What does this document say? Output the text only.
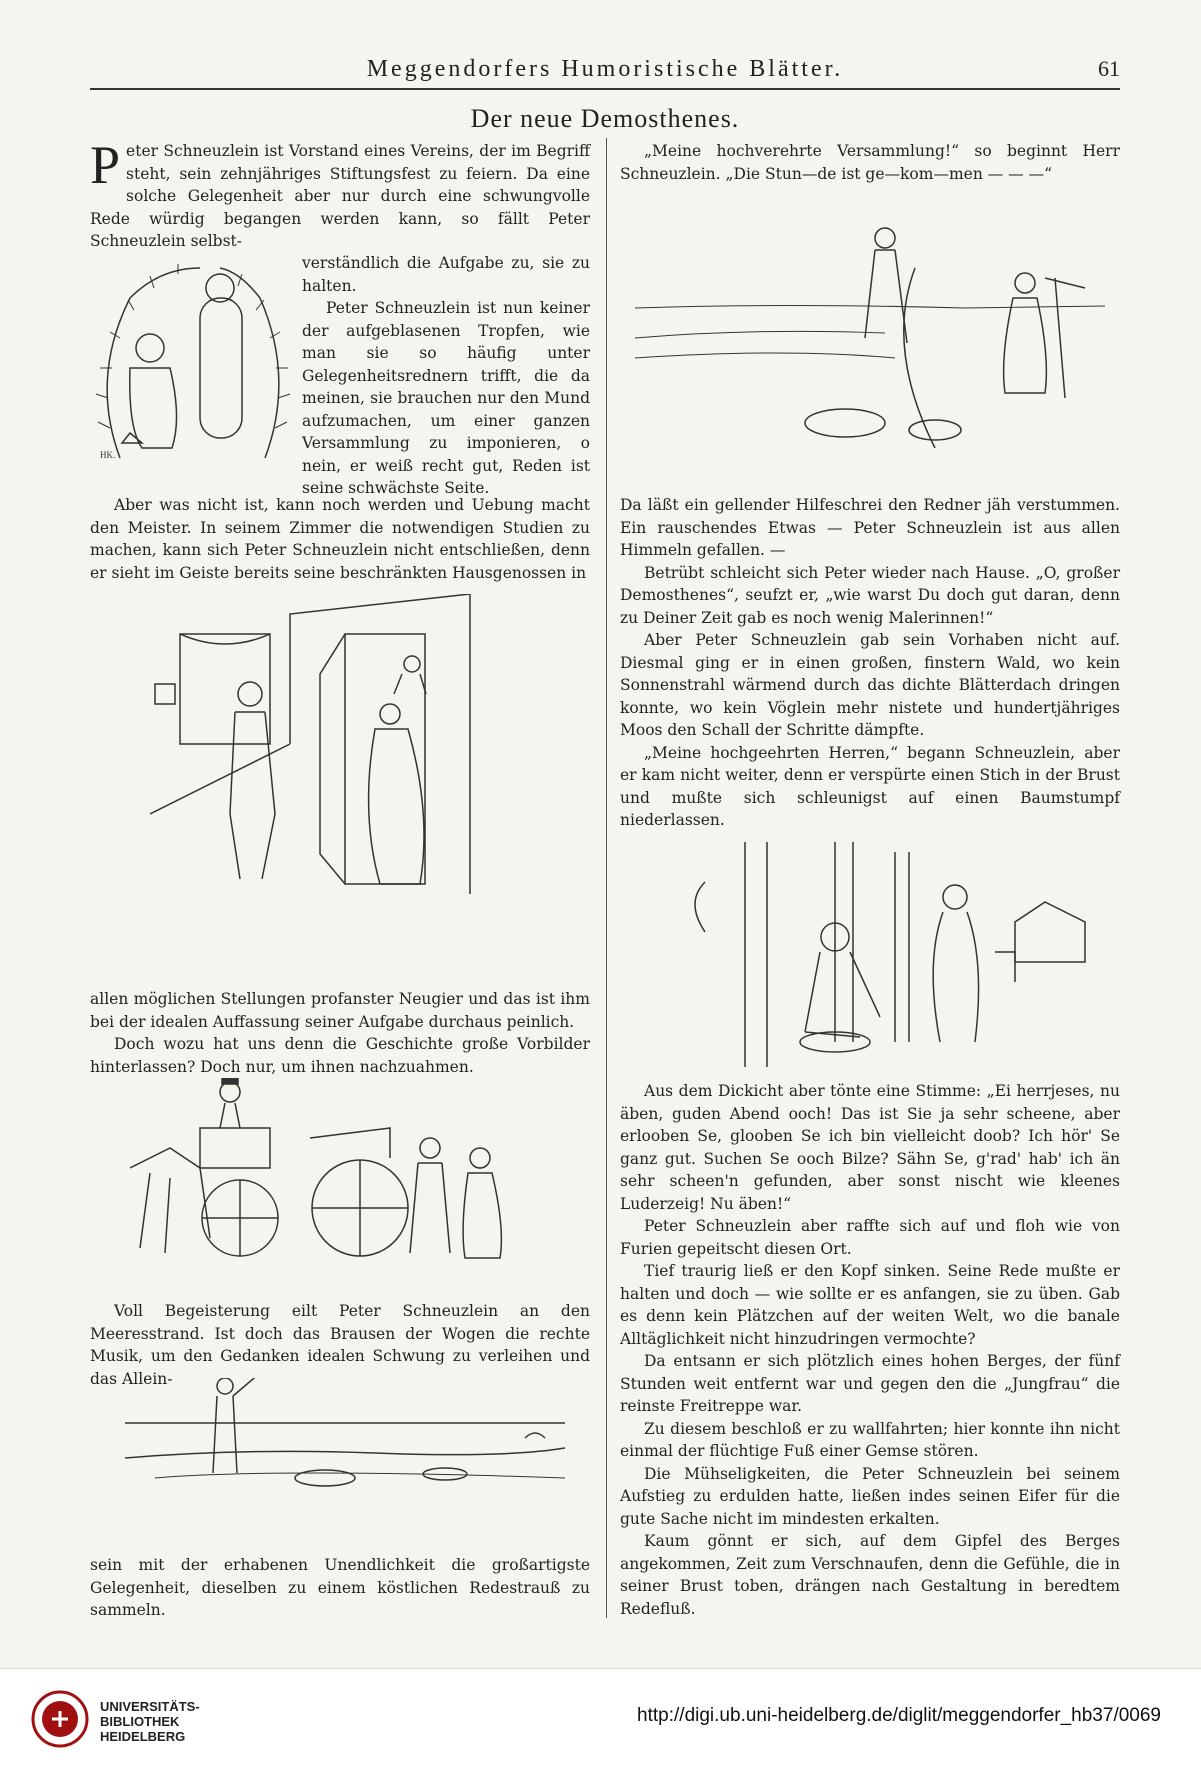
Meggendorfers Humoristische Blätter.	61
Der neue Demosthenes.

Peter Schneuzlein ist Vorstand eines Vereins, der im Begriff steht, sein zehnjähriges Stiftungsfest zu feiern. Da eine solche Gelegenheit aber nur durch eine schwungvolle Rede würdig begangen werden kann, so fällt Peter Schneuzlein selbst-

HK.

verständlich die Aufgabe zu, sie zu halten.

Peter Schneuzlein ist nun keiner der aufgeblasenen Tropfen, wie man sie so häufig unter Gelegenheitsrednern trifft, die da meinen, sie brauchen nur den Mund aufzumachen, um einer ganzen Versammlung zu imponieren, o nein, er weiß recht gut, Reden ist seine schwächste Seite.

Aber was nicht ist, kann noch werden und Uebung macht den Meister. In seinem Zimmer die notwendigen Studien zu machen, kann sich Peter Schneuzlein nicht entschließen, denn er sieht im Geiste bereits seine beschränkten Hausgenossen in

allen möglichen Stellungen profanster Neugier und das ist ihm bei der idealen Auffassung seiner Aufgabe durchaus peinlich.

Doch wozu hat uns denn die Geschichte große Vorbilder hinterlassen? Doch nur, um ihnen nachzuahmen.

Voll Begeisterung eilt Peter Schneuzlein an den Meeresstrand. Ist doch das Brausen der Wogen die rechte Musik, um den Gedanken idealen Schwung zu verleihen und das Allein-

sein mit der erhabenen Unendlichkeit die großartigste Gelegenheit, dieselben zu einem köstlichen Redestrauß zu sammeln.

„Meine hochverehrte Versammlung!“ so beginnt Herr Schneuzlein. „Die Stun—de ist ge—kom—men — — —“

Da läßt ein gellender Hilfeschrei den Redner jäh verstummen. Ein rauschendes Etwas — Peter Schneuzlein ist aus allen Himmeln gefallen. —

Betrübt schleicht sich Peter wieder nach Hause. „O, großer Demosthenes“, seufzt er, „wie warst Du doch gut daran, denn zu Deiner Zeit gab es noch wenig Malerinnen!“

Aber Peter Schneuzlein gab sein Vorhaben nicht auf. Diesmal ging er in einen großen, finstern Wald, wo kein Sonnenstrahl wärmend durch das dichte Blätterdach dringen konnte, wo kein Vöglein mehr nistete und hundertjähriges Moos den Schall der Schritte dämpfte.

„Meine hochgeehrten Herren,“ begann Schneuzlein, aber er kam nicht weiter, denn er verspürte einen Stich in der Brust und mußte sich schleunigst auf einen Baumstumpf niederlassen.

Aus dem Dickicht aber tönte eine Stimme: „Ei herrjeses, nu äben, guden Abend ooch! Das ist Sie ja sehr scheene, aber erlooben Se, glooben Se ich bin vielleicht doob? Ich hör' Se ganz gut. Suchen Se ooch Bilze? Sähn Se, g'rad' hab' ich än sehr scheen'n gefunden, aber sonst nischt wie kleenes Luderzeig! Nu äben!“

Peter Schneuzlein aber raffte sich auf und floh wie von Furien gepeitscht diesen Ort.

Tief traurig ließ er den Kopf sinken. Seine Rede mußte er halten und doch — wie sollte er es anfangen, sie zu üben. Gab es denn kein Plätzchen auf der weiten Welt, wo die banale Alltäglichkeit nicht hinzudringen vermochte?

Da entsann er sich plötzlich eines hohen Berges, der fünf Stunden weit entfernt war und gegen den die „Jungfrau“ die reinste Freitreppe war.

Zu diesem beschloß er zu wallfahrten; hier konnte ihn nicht einmal der flüchtige Fuß einer Gemse stören.

Die Mühseligkeiten, die Peter Schneuzlein bei seinem Aufstieg zu erdulden hatte, ließen indes seinen Eifer für die gute Sache nicht im mindesten erkalten.

Kaum gönnt er sich, auf dem Gipfel des Berges angekommen, Zeit zum Verschnaufen, denn die Gefühle, die in seiner Brust toben, drängen nach Gestaltung in beredtem Redefluß.

UNIVERSITÄTS-
BIBLIOTHEK
HEIDELBERG
http://digi.ub.uni-heidelberg.de/diglit/meggendorfer_hb37/0069
